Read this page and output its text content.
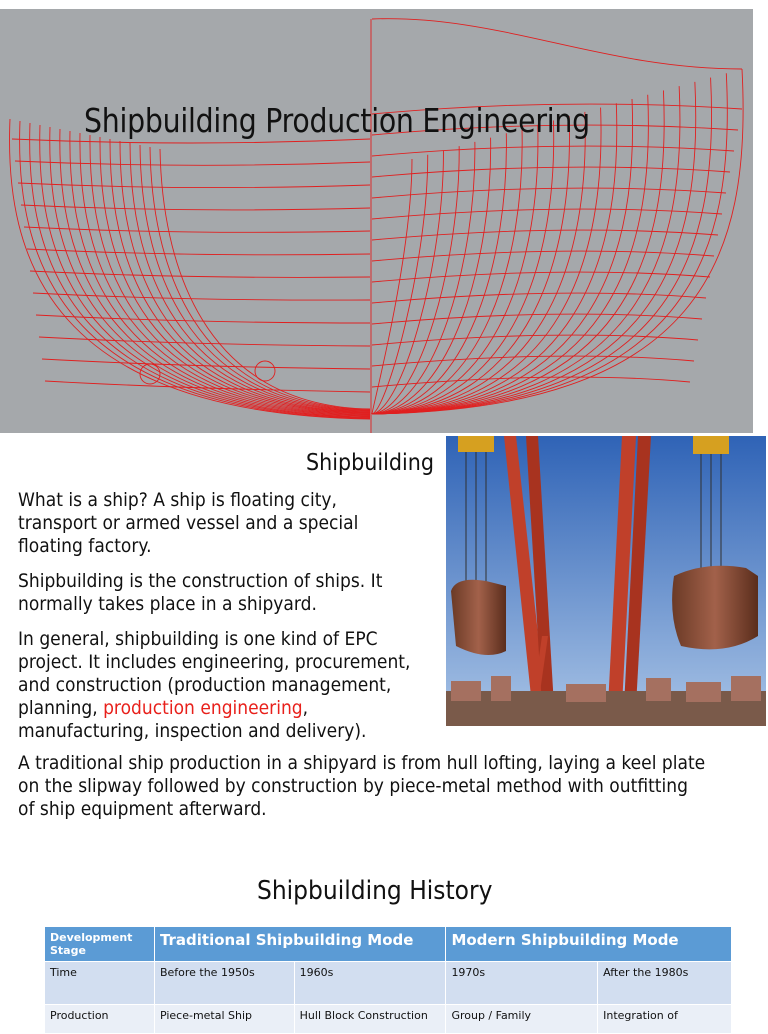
Shipbuilding Production Engineering
Shipbuilding
What is a ship? A ship is floating city,
transport or armed vessel and a special
floating factory.
Shipbuilding is the construction of ships. It
normally takes place in a shipyard.
In general, shipbuilding is one kind of EPC
project. It includes engineering, procurement,
and construction (production management,
planning, production engineering,
manufacturing, inspection and delivery).
A traditional ship production in a shipyard is from hull lofting, laying a keel plate
on the slipway followed by construction by piece-metal method with outfitting
of ship equipment afterward.
Shipbuilding History
Development Stage	Traditional Shipbuilding Mode		Modern Shipbuilding Mode	
Time	Before the 1950s	1960s	1970s	After the 1980s
Production	Piece-metal Ship	Hull Block Construction	Group / Family	Integration of
